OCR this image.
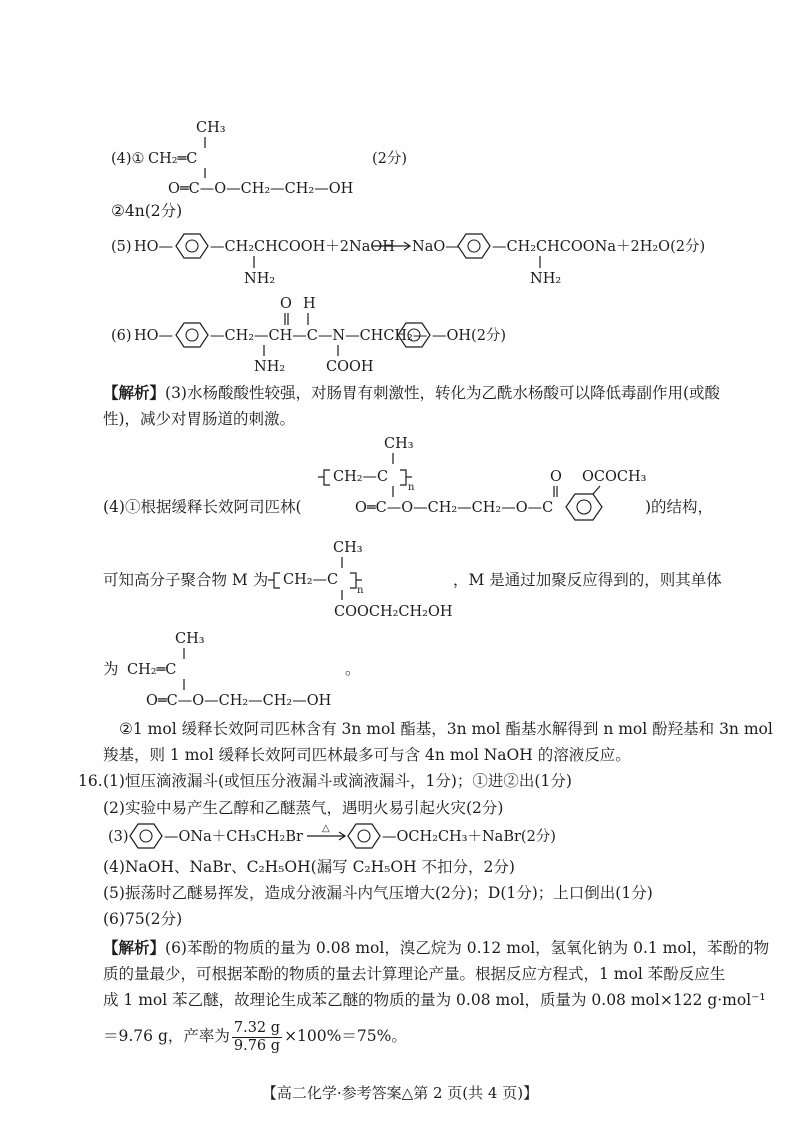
(4)①
CH₃
CH₂═C
O═C—O—CH₂—CH₂—OH
(2分)
(5) HO—	—CH₂CHCOOH＋2NaOH
NH₂
NaO— —CH₂CHCOONa＋2H₂O(2分)
NH₂
O H
(6) HO—	—CH₂—CH—C—N—CHCH₂—
NH₂	COOH
—OH(2分)
CH₃
CH₂—C
n
O═C—O—CH₂—CH₂—O—C
O OCOCH₃
CH₃
CH₂—C
n
COOCH₂CH₂OH
CH₃
CH₂═C
O═C—O—CH₂—CH₂—OH
(3) —ONa＋CH₃CH₂Br
△
—OCH₂CH₃＋NaBr(2分)
②4n(2分)
【解析】(3)水杨酸酸性较强，对肠胃有刺激性，转化为乙酰水杨酸可以降低毒副作用(或酸
性)，减少对胃肠道的刺激。
(4)①根据缓释长效阿司匹林(	)的结构，
可知高分子聚合物 M 为	，M 是通过加聚反应得到的，则其单体
为	。
②1 mol 缓释长效阿司匹林含有 3n mol 酯基，3n mol 酯基水解得到 n mol 酚羟基和 3n mol
羧基，则 1 mol 缓释长效阿司匹林最多可与含 4n mol NaOH 的溶液反应。
16. (1)恒压滴液漏斗(或恒压分液漏斗或滴液漏斗，1分)；①进②出(1分)
(2)实验中易产生乙醇和乙醚蒸气，遇明火易引起火灾(2分)
(4)NaOH、NaBr、C₂H₅OH(漏写 C₂H₅OH 不扣分，2分)
(5)振荡时乙醚易挥发，造成分液漏斗内气压增大(2分)；D(1分)；上口倒出(1分)
(6)75(2分)
【解析】(6)苯酚的物质的量为 0.08 mol，溴乙烷为 0.12 mol，氢氧化钠为 0.1 mol，苯酚的物
质的量最少，可根据苯酚的物质的量去计算理论产量。根据反应方程式，1 mol 苯酚反应生
成 1 mol 苯乙醚，故理论生成苯乙醚的物质的量为 0.08 mol，质量为 0.08 mol×122 g·mol⁻¹
＝9.76 g，产率为 $\frac{7.32 g}{9.76 g} \times 100\%=75\%$。
【高二化学·参考答案△第 2 页(共 4 页)】
